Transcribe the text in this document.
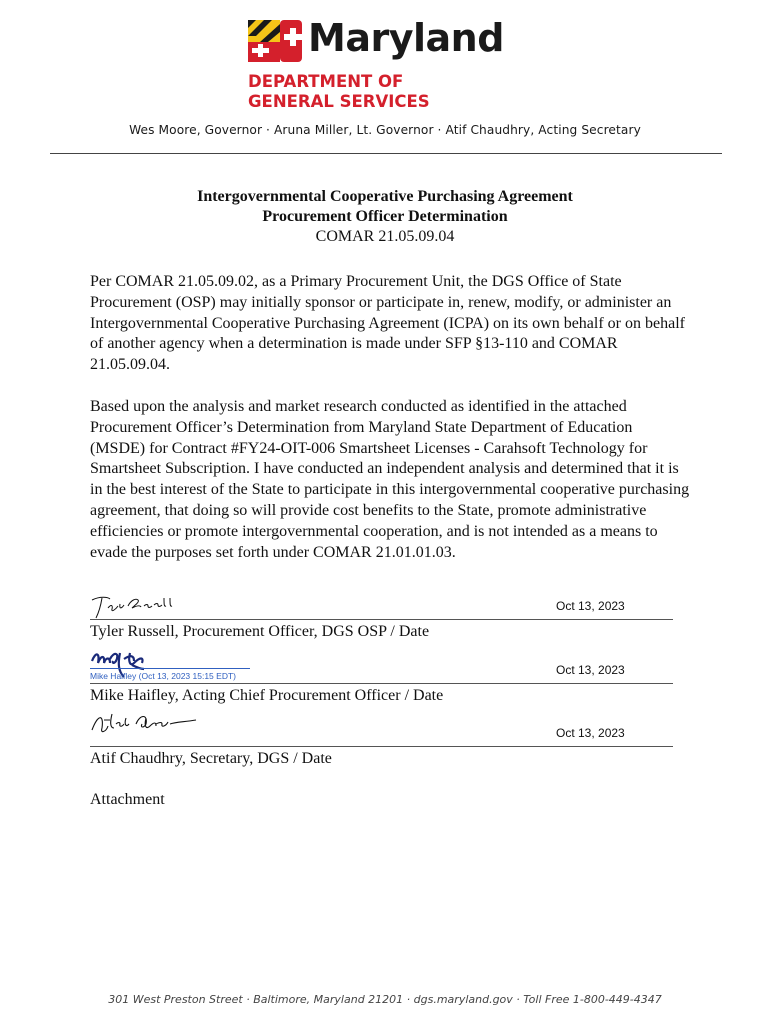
Maryland
DEPARTMENT OF
GENERAL SERVICES
Wes Moore, Governor · Aruna Miller, Lt. Governor · Atif Chaudhry, Acting Secretary
Intergovernmental Cooperative Purchasing Agreement
Procurement Officer Determination
COMAR 21.05.09.04
Per COMAR 21.05.09.02, as a Primary Procurement Unit, the DGS Office of State Procurement (OSP) may initially sponsor or participate in, renew, modify, or administer an Intergovernmental Cooperative Purchasing Agreement (ICPA) on its own behalf or on behalf of another agency when a determination is made under SFP §13-110 and COMAR 21.05.09.04.
Based upon the analysis and market research conducted as identified in the attached Procurement Officer’s Determination from Maryland State Department of Education (MSDE) for Contract #FY24-OIT-006 Smartsheet Licenses - Carahsoft Technology for Smartsheet Subscription. I have conducted an independent analysis and determined that it is in the best interest of the State to participate in this intergovernmental cooperative purchasing agreement, that doing so will provide cost benefits to the State, promote administrative efficiencies or promote intergovernmental cooperation, and is not intended as a means to evade the purposes set forth under COMAR 21.01.01.03.
Oct 13, 2023
Tyler Russell, Procurement Officer, DGS OSP / Date
Mike Haifley (Oct 13, 2023 15:15 EDT)	Oct 13, 2023
Mike Haifley, Acting Chief Procurement Officer / Date
Oct 13, 2023
Atif Chaudhry, Secretary, DGS / Date
Attachment
301 West Preston Street · Baltimore, Maryland 21201 · dgs.maryland.gov · Toll Free 1-800-449-4347
